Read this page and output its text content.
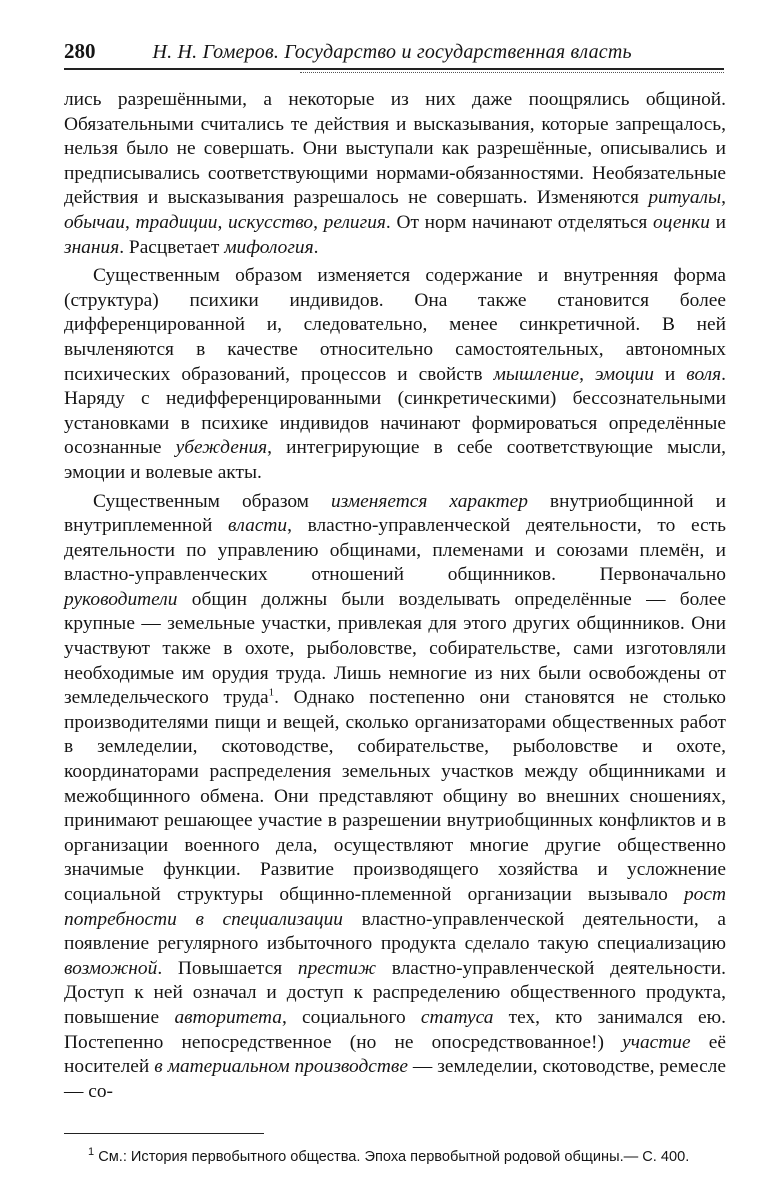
280	Н. Н. Гомеров. Государство и государственная власть

лись разрешёнными, а некоторые из них даже поощрялись общиной. Обязательными считались те действия и высказывания, которые запрещалось, нельзя было не совершать. Они выступали как разрешённые, описывались и предписывались соответствующими нормами-обязанностями. Необязательные действия и высказывания разрешалось не совершать. Изменяются ритуалы, обычаи, традиции, искусство, религия. От норм начинают отделяться оценки и знания. Расцветает мифология.

Существенным образом изменяется содержание и внутренняя форма (структура) психики индивидов. Она также становится более дифференцированной и, следовательно, менее синкретичной. В ней вычленяются в качестве относительно самостоятельных, автономных психических образований, процессов и свойств мышление, эмоции и воля. Наряду с недифференцированными (синкретическими) бессознательными установками в психике индивидов начинают формироваться определённые осознанные убеждения, интегрирующие в себе соответствующие мысли, эмоции и волевые акты.

Существенным образом изменяется характер внутриобщинной и внутриплеменной власти, властно-управленческой деятельности, то есть деятельности по управлению общинами, племенами и союзами племён, и властно-управленческих отношений общинников. Первоначально руководители общин должны были возделывать определённые — более крупные — земельные участки, привлекая для этого других общинников. Они участвуют также в охоте, рыболовстве, собирательстве, сами изготовляли необходимые им орудия труда. Лишь немногие из них были освобождены от земледельческого труда$^1$. Однако постепенно они становятся не столько производителями пищи и вещей, сколько организаторами общественных работ в земледелии, скотоводстве, собирательстве, рыболовстве и охоте, координаторами распределения земельных участков между общинниками и межобщинного обмена. Они представляют общину во внешних сношениях, принимают решающее участие в разрешении внутриобщинных конфликтов и в организации военного дела, осуществляют многие другие общественно значимые функции. Развитие производящего хозяйства и усложнение социальной структуры общинно-племенной организации вызывало рост потребности в специализации властно-управленческой деятельности, а появление регулярного избыточного продукта сделало такую специализацию возможной. Повышается престиж властно-управленческой деятельности. Доступ к ней означал и доступ к распределению общественного продукта, повышение авторитета, социального статуса тех, кто занимался ею. Постепенно непосредственное (но не опосредствованное!) участие её носителей в материальном производстве — земледелии, скотоводстве, ремесле — со-

$^1$ См.: История первобытного общества. Эпоха первобытной родовой общины.— С. 400.
